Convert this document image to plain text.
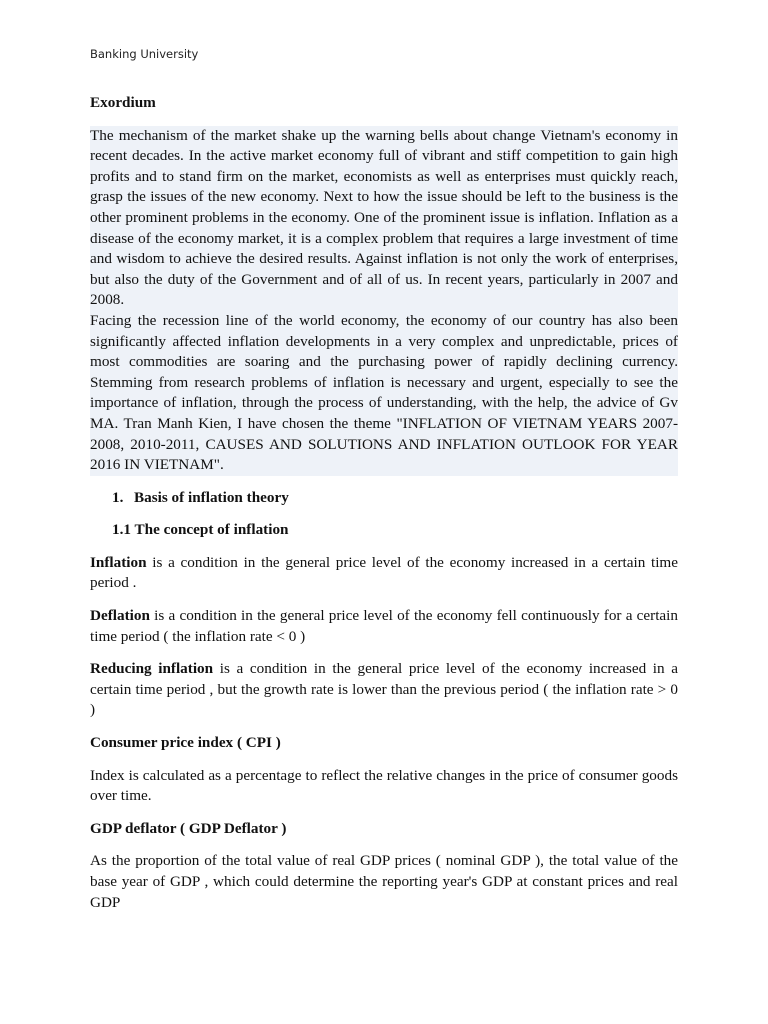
Banking University

Exordium

The mechanism of the market shake up the warning bells about change Vietnam's economy in recent decades. In the active market economy full of vibrant and stiff competition to gain high profits and to stand firm on the market, economists as well as enterprises must quickly reach, grasp the issues of the new economy. Next to how the issue should be left to the business is the other prominent problems in the economy. One of the prominent issue is inflation. Inflation as a disease of the economy market, it is a complex problem that requires a large investment of time and wisdom to achieve the desired results. Against inflation is not only the work of enterprises, but also the duty of the Government and of all of us. In recent years, particularly in 2007 and 2008.

Facing the recession line of the world economy, the economy of our country has also been significantly affected inflation developments in a very complex and unpredictable, prices of most commodities are soaring and the purchasing power of rapidly declining currency. Stemming from research problems of inflation is necessary and urgent, especially to see the importance of inflation, through the process of understanding, with the help, the advice of Gv MA. Tran Manh Kien, I have chosen the theme "INFLATION OF VIETNAM YEARS 2007- 2008, 2010-2011, CAUSES AND SOLUTIONS AND INFLATION OUTLOOK FOR YEAR 2016 IN VIETNAM".

1. Basis of inflation theory

1.1 The concept of inflation

Inflation is a condition in the general price level of the economy increased in a certain time period .

Deflation is a condition in the general price level of the economy fell continuously for a certain time period ( the inflation rate < 0 )

Reducing inflation is a condition in the general price level of the economy increased in a certain time period , but the growth rate is lower than the previous period ( the inflation rate > 0 )

Consumer price index ( CPI )

Index is calculated as a percentage to reflect the relative changes in the price of consumer goods over time.

GDP deflator ( GDP Deflator )

As the proportion of the total value of real GDP prices ( nominal GDP ), the total value of the base year of GDP , which could determine the reporting year's GDP at constant prices and real GDP
